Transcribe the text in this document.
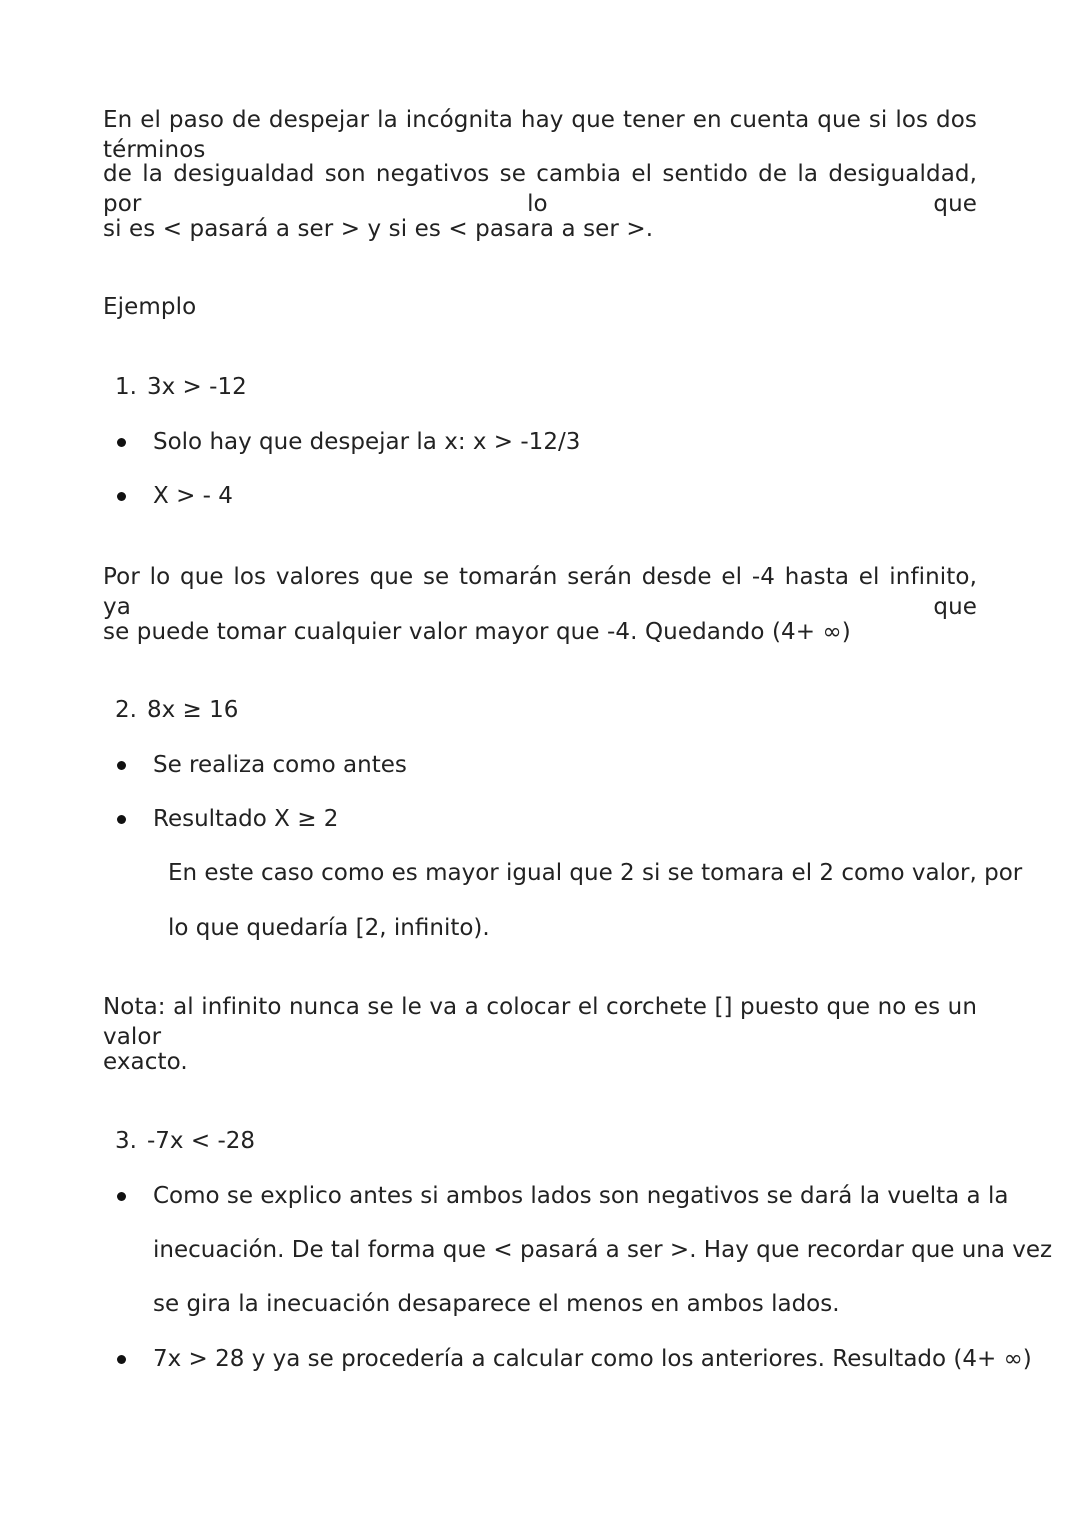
En el paso de despejar la incógnita hay que tener en cuenta que si los dos términos
de la desigualdad son negativos se cambia el sentido de la desigualdad, por lo que
si es < pasará a ser > y si es < pasara a ser >.
Ejemplo
1. 3x > -12
Solo hay que despejar la x: x > -12/3
X > - 4
Por lo que los valores que se tomarán serán desde el -4 hasta el infinito, ya que
se puede tomar cualquier valor mayor que -4. Quedando (4+ ∞)
2. 8x ≥ 16
Se realiza como antes
Resultado X ≥ 2
En este caso como es mayor igual que 2 si se tomara el 2 como valor, por
lo que quedaría [2, infinito).
Nota: al infinito nunca se le va a colocar el corchete [] puesto que no es un valor
exacto.
3. -7x < -28
Como se explico antes si ambos lados son negativos se dará la vuelta a la
inecuación. De tal forma que < pasará a ser >. Hay que recordar que una vez
se gira la inecuación desaparece el menos en ambos lados.
7x > 28 y ya se procedería a calcular como los anteriores. Resultado (4+ ∞)
